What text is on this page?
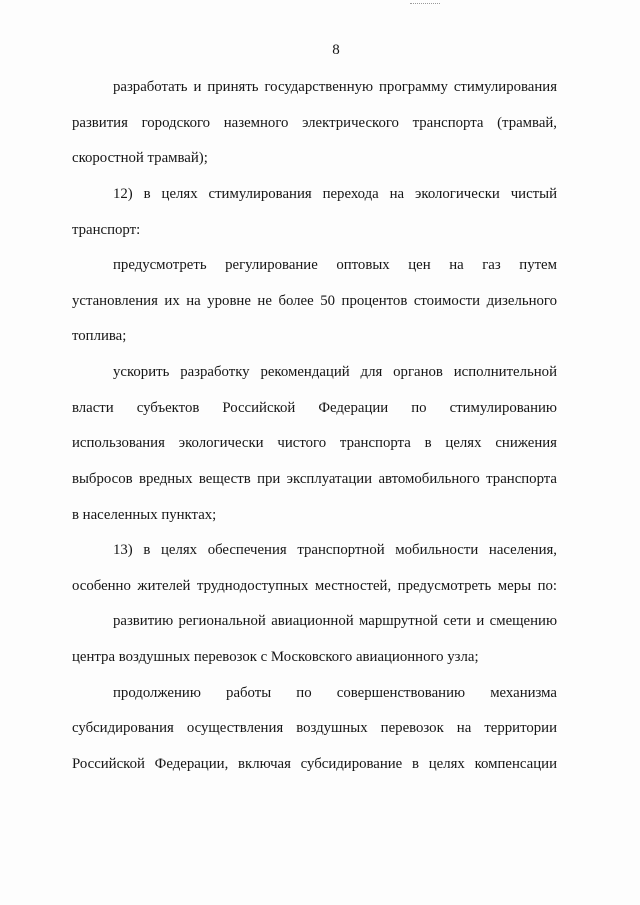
8
разработать и принять государственную программу стимулирования
развития городского наземного электрического транспорта (трамвай,
скоростной трамвай);
12) в целях стимулирования перехода на экологически чистый
транспорт:
предусмотреть регулирование оптовых цен на газ путем
установления их на уровне не более 50 процентов стоимости дизельного
топлива;
ускорить разработку рекомендаций для органов исполнительной
власти субъектов Российской Федерации по стимулированию
использования экологически чистого транспорта в целях снижения
выбросов вредных веществ при эксплуатации автомобильного транспорта
в населенных пунктах;
13) в целях обеспечения транспортной мобильности населения,
особенно жителей труднодоступных местностей, предусмотреть меры по:
развитию региональной авиационной маршрутной сети и смещению
центра воздушных перевозок с Московского авиационного узла;
продолжению работы по совершенствованию механизма
субсидирования осуществления воздушных перевозок на территории
Российской Федерации, включая субсидирование в целях компенсации
